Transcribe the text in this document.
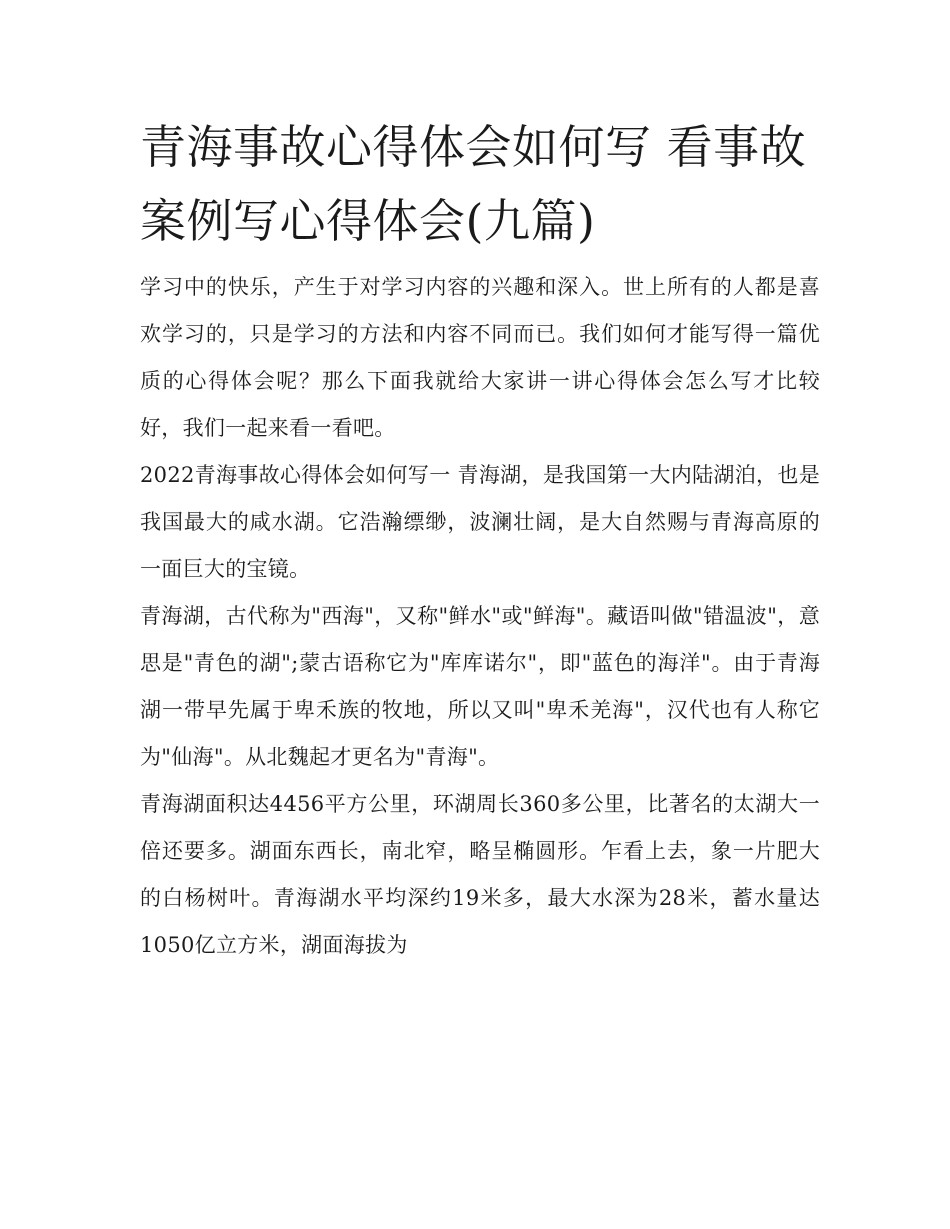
青海事故心得体会如何写 看事故案例写心得体会(九篇)

学习中的快乐，产生于对学习内容的兴趣和深入。世上所有的人都是喜欢学习的，只是学习的方法和内容不同而已。我们如何才能写得一篇优质的心得体会呢？那么下面我就给大家讲一讲心得体会怎么写才比较好，我们一起来看一看吧。

2022青海事故心得体会如何写一 青海湖，是我国第一大内陆湖泊，也是我国最大的咸水湖。它浩瀚缥缈，波澜壮阔，是大自然赐与青海高原的一面巨大的宝镜。

青海湖，古代称为"西海"，又称"鲜水"或"鲜海"。藏语叫做"错温波"，意思是"青色的湖";蒙古语称它为"库库诺尔"，即"蓝色的海洋"。由于青海湖一带早先属于卑禾族的牧地，所以又叫"卑禾羌海"，汉代也有人称它为"仙海"。从北魏起才更名为"青海"。

青海湖面积达4456平方公里，环湖周长360多公里，比著名的太湖大一倍还要多。湖面东西长，南北窄，略呈椭圆形。乍看上去，象一片肥大的白杨树叶。青海湖水平均深约19米多，最大水深为28米，蓄水量达1050亿立方米，湖面海拔为
